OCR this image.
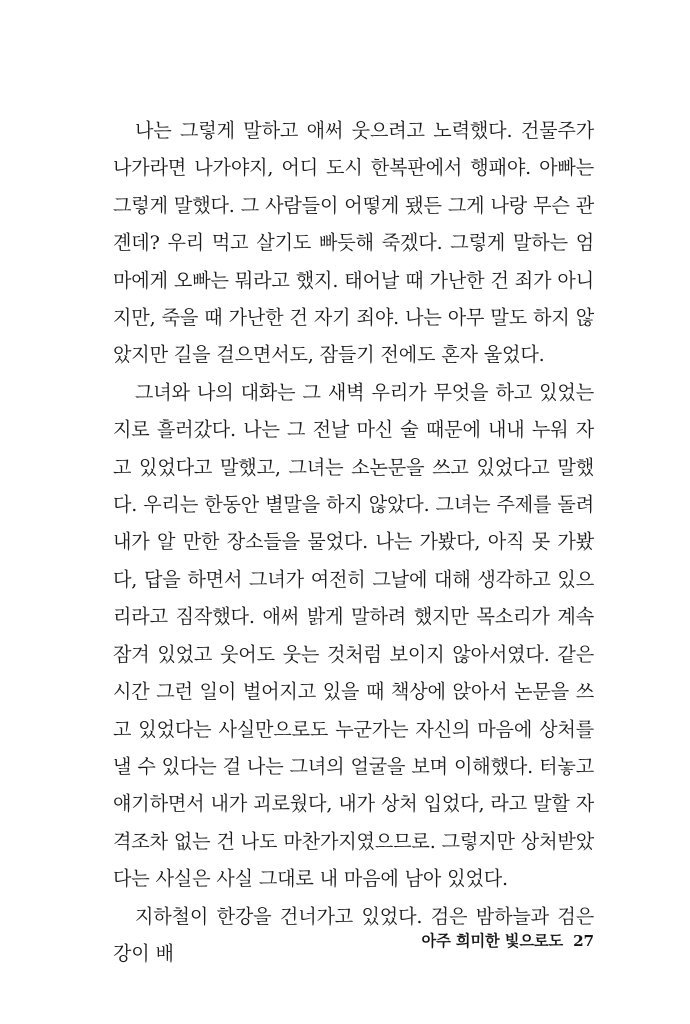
나는 그렇게 말하고 애써 웃으려고 노력했다. 건물주가 나가라면 나가야지, 어디 도시 한복판에서 행패야. 아빠는 그렇게 말했다. 그 사람들이 어떻게 됐든 그게 나랑 무슨 관곈데? 우리 먹고 살기도 빠듯해 죽겠다. 그렇게 말하는 엄마에게 오빠는 뭐라고 했지. 태어날 때 가난한 건 죄가 아니지만, 죽을 때 가난한 건 자기 죄야. 나는 아무 말도 하지 않았지만 길을 걸으면서도, 잠들기 전에도 혼자 울었다.

그녀와 나의 대화는 그 새벽 우리가 무엇을 하고 있었는지로 흘러갔다. 나는 그 전날 마신 술 때문에 내내 누워 자고 있었다고 말했고, 그녀는 소논문을 쓰고 있었다고 말했다. 우리는 한동안 별말을 하지 않았다. 그녀는 주제를 돌려 내가 알 만한 장소들을 물었다. 나는 가봤다, 아직 못 가봤다, 답을 하면서 그녀가 여전히 그날에 대해 생각하고 있으리라고 짐작했다. 애써 밝게 말하려 했지만 목소리가 계속 잠겨 있었고 웃어도 웃는 것처럼 보이지 않아서였다. 같은 시간 그런 일이 벌어지고 있을 때 책상에 앉아서 논문을 쓰고 있었다는 사실만으로도 누군가는 자신의 마음에 상처를 낼 수 있다는 걸 나는 그녀의 얼굴을 보며 이해했다. 터놓고 얘기하면서 내가 괴로웠다, 내가 상처 입었다, 라고 말할 자격조차 없는 건 나도 마찬가지였으므로. 그렇지만 상처받았다는 사실은 사실 그대로 내 마음에 남아 있었다.

지하철이 한강을 건너가고 있었다. 검은 밤하늘과 검은 강이 배

아주 희미한 빛으로도 27
